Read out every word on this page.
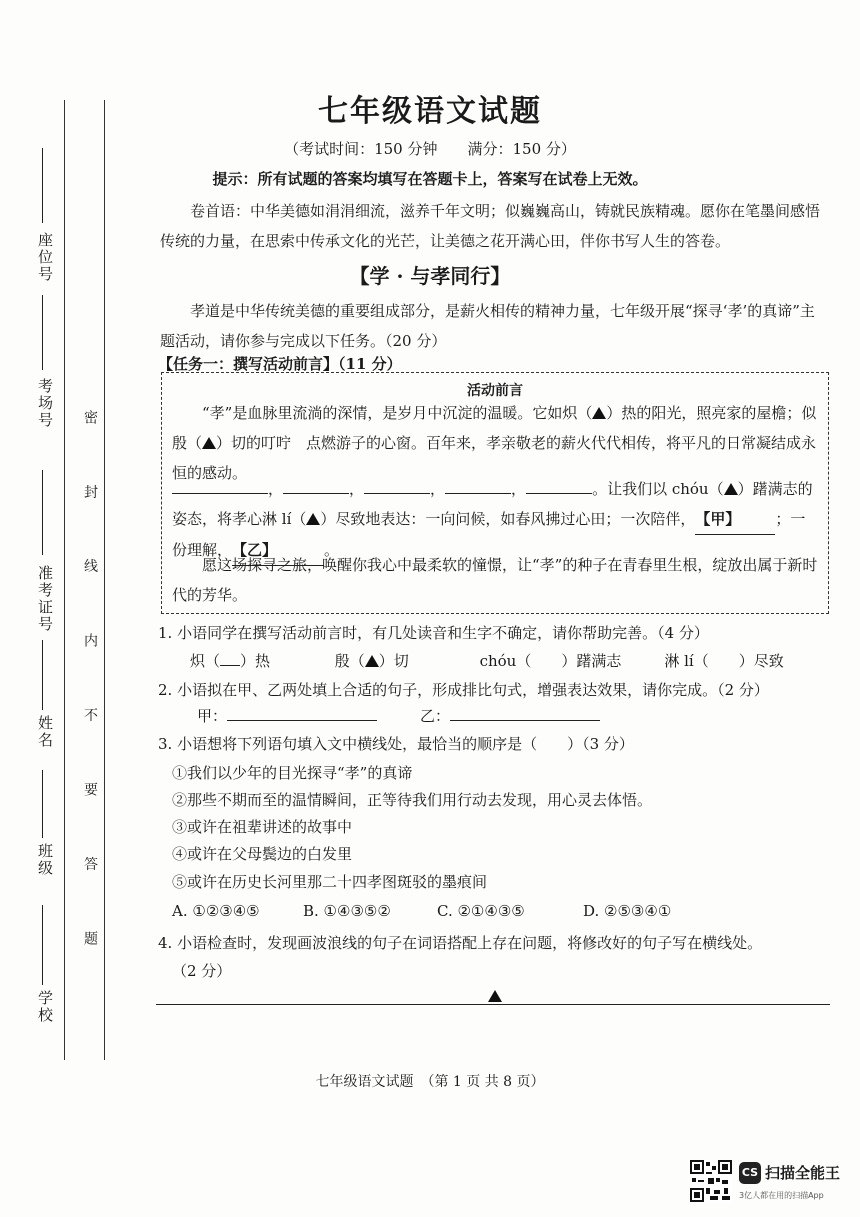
座位号
考场号
准考证号
姓名
班级
学校
密 封 线 内 不 要 答 题
七年级语文试题
（考试时间：150 分钟　　满分：150 分）
提示：所有试题的答案均填写在答题卡上，答案写在试卷上无效。
卷首语：中华美德如涓涓细流，滋养千年文明；似巍巍高山，铸就民族精魂。愿你在笔墨间感悟传统的力量，在思索中传承文化的光芒，让美德之花开满心田，伴你书写人生的答卷。
【学 · 与孝同行】
孝道是中华传统美德的重要组成部分，是薪火相传的精神力量，七年级开展“探寻‘孝’的真谛”主题活动，请你参与完成以下任务。（20 分）
【任务一：撰写活动前言】（11 分）
活动前言
“孝”是血脉里流淌的深情，是岁月中沉淀的温暖。它如炽（ ）热的阳光，照亮家的屋檐；似殷（ ）切的叮咛　点燃游子的心窗。百年来，孝亲敬老的薪火代代相传，将平凡的日常凝结成永恒的感动。
，	，	，	，	。让我们以 chóu（ ）躇满志的姿态，将孝心淋 lí（ ）尽致地表达：一向问候，如春风拂过心田；一次陪伴，【甲】 ；一份理解，【乙】	。
愿这场探寻之旅，唤醒你我心中最柔软的憧憬，让“孝”的种子在青春里生根，绽放出属于新时代的芳华。
1. 小语同学在撰写活动前言时，有几处读音和生字不确定，请你帮助完善。（4 分）
炽（ ）热	殷（ ）切	chóu（　　）躇满志	淋 lí（　　）尽致
2. 小语拟在甲、乙两处填上合适的句子，形成排比句式，增强表达效果，请你完成。（2 分）
甲：	乙：
3. 小语想将下列语句填入文中横线处，最恰当的顺序是（　　）（3 分）
①我们以少年的目光探寻“孝”的真谛
②那些不期而至的温情瞬间，正等待我们用行动去发现，用心灵去体悟。
③或许在祖辈讲述的故事中
④或许在父母鬓边的白发里
⑤或许在历史长河里那二十四孝图斑驳的墨痕间
A. ①②③④⑤	B. ①④③⑤②	C. ②①④③⑤	D. ②⑤③④①
4. 小语检查时，发现画波浪线的句子在词语搭配上存在问题，将修改好的句子写在横线处。
（2 分）
七年级语文试题　（第 1 页 共 8 页）
CS 扫描全能王
3亿人都在用的扫描App
